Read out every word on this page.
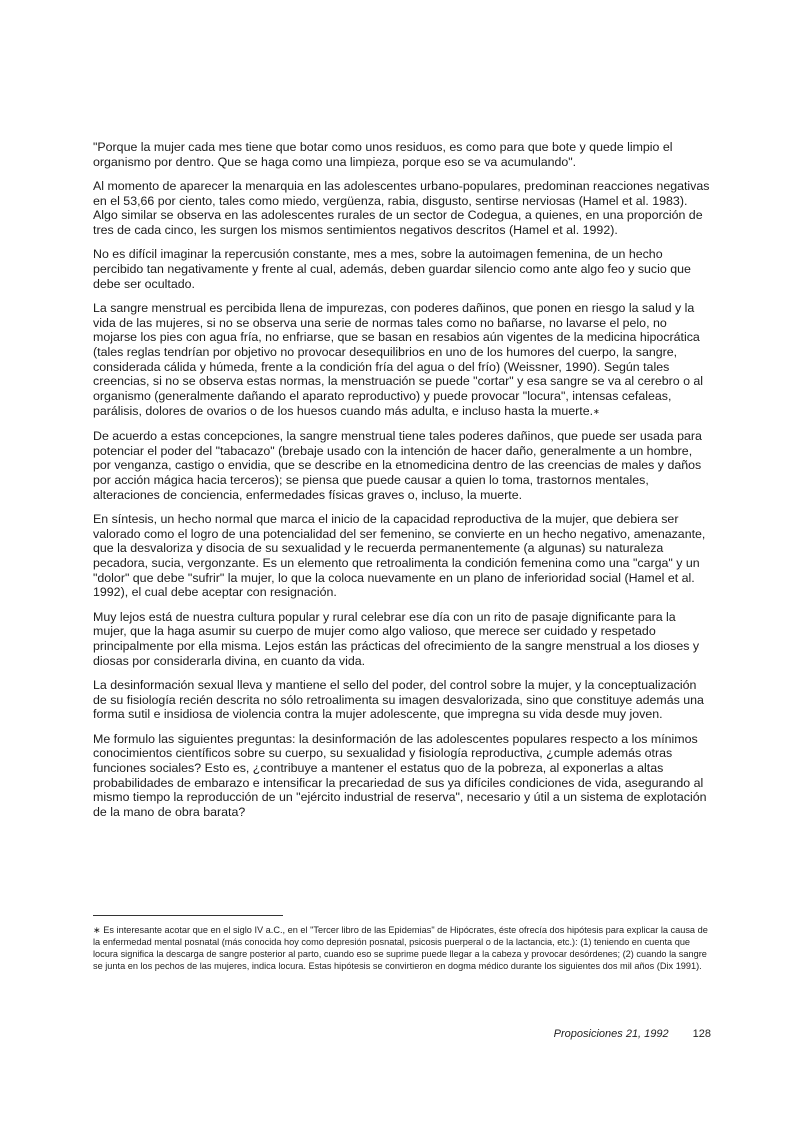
"Porque la mujer cada mes tiene que botar como unos residuos, es como para que bote y quede limpio el organismo por dentro. Que se haga como una limpieza, porque eso se va acumulando".

Al momento de aparecer la menarquia en las adolescentes urbano-populares, predominan reacciones negativas en el 53,66 por ciento, tales como miedo, vergüenza, rabia, disgusto, sentirse nerviosas (Hamel et al. 1983). Algo similar se observa en las adolescentes rurales de un sector de Codegua, a quienes, en una proporción de tres de cada cinco, les surgen los mismos sentimientos negativos descritos (Hamel et al. 1992).

No es difícil imaginar la repercusión constante, mes a mes, sobre la autoimagen femenina, de un hecho percibido tan negativamente y frente al cual, además, deben guardar silencio como ante algo feo y sucio que debe ser ocultado.

La sangre menstrual es percibida llena de impurezas, con poderes dañinos, que ponen en riesgo la salud y la vida de las mujeres, si no se observa una serie de normas tales como no bañarse, no lavarse el pelo, no mojarse los pies con agua fría, no enfriarse, que se basan en resabios aún vigentes de la medicina hipocrática (tales reglas tendrían por objetivo no provocar desequilibrios en uno de los humores del cuerpo, la sangre, considerada cálida y húmeda, frente a la condición fría del agua o del frío) (Weissner, 1990). Según tales creencias, si no se observa estas normas, la menstruación se puede "cortar" y esa sangre se va al cerebro o al organismo (generalmente dañando el aparato reproductivo) y puede provocar "locura", intensas cefaleas, parálisis, dolores de ovarios o de los huesos cuando más adulta, e incluso hasta la muerte.∗

De acuerdo a estas concepciones, la sangre menstrual tiene tales poderes dañinos, que puede ser usada para potenciar el poder del "tabacazo" (brebaje usado con la intención de hacer daño, generalmente a un hombre, por venganza, castigo o envidia, que se describe en la etnomedicina dentro de las creencias de males y daños por acción mágica hacia terceros); se piensa que puede causar a quien lo toma, trastornos mentales, alteraciones de conciencia, enfermedades físicas graves o, incluso, la muerte.

En síntesis, un hecho normal que marca el inicio de la capacidad reproductiva de la mujer, que debiera ser valorado como el logro de una potencialidad del ser femenino, se convierte en un hecho negativo, amenazante, que la desvaloriza y disocia de su sexualidad y le recuerda permanentemente (a algunas) su naturaleza pecadora, sucia, vergonzante. Es un elemento que retroalimenta la condición femenina como una "carga" y un "dolor" que debe "sufrir" la mujer, lo que la coloca nuevamente en un plano de inferioridad social (Hamel et al. 1992), el cual debe aceptar con resignación.

Muy lejos está de nuestra cultura popular y rural celebrar ese día con un rito de pasaje dignificante para la mujer, que la haga asumir su cuerpo de mujer como algo valioso, que merece ser cuidado y respetado principalmente por ella misma. Lejos están las prácticas del ofrecimiento de la sangre menstrual a los dioses y diosas por considerarla divina, en cuanto da vida.

La desinformación sexual lleva y mantiene el sello del poder, del control sobre la mujer, y la conceptualización de su fisiología recién descrita no sólo retroalimenta su imagen desvalorizada, sino que constituye además una forma sutil e insidiosa de violencia contra la mujer adolescente, que impregna su vida desde muy joven.

Me formulo las siguientes preguntas: la desinformación de las adolescentes populares respecto a los mínimos conocimientos científicos sobre su cuerpo, su sexualidad y fisiología reproductiva, ¿cumple además otras funciones sociales? Esto es, ¿contribuye a mantener el estatus quo de la pobreza, al exponerlas a altas probabilidades de embarazo e intensificar la precariedad de sus ya difíciles condiciones de vida, asegurando al mismo tiempo la reproducción de un "ejército industrial de reserva", necesario y útil a un sistema de explotación de la mano de obra barata?

∗ Es interesante acotar que en el siglo IV a.C., en el "Tercer libro de las Epidemias" de Hipócrates, éste ofrecía dos hipótesis para explicar la causa de la enfermedad mental posnatal (más conocida hoy como depresión posnatal, psicosis puerperal o de la lactancia, etc.): (1) teniendo en cuenta que locura significa la descarga de sangre posterior al parto, cuando eso se suprime puede llegar a la cabeza y provocar desórdenes; (2) cuando la sangre se junta en los pechos de las mujeres, indica locura. Estas hipótesis se convirtieron en dogma médico durante los siguientes dos mil años (Dix 1991).

Proposiciones 21, 1992 128
